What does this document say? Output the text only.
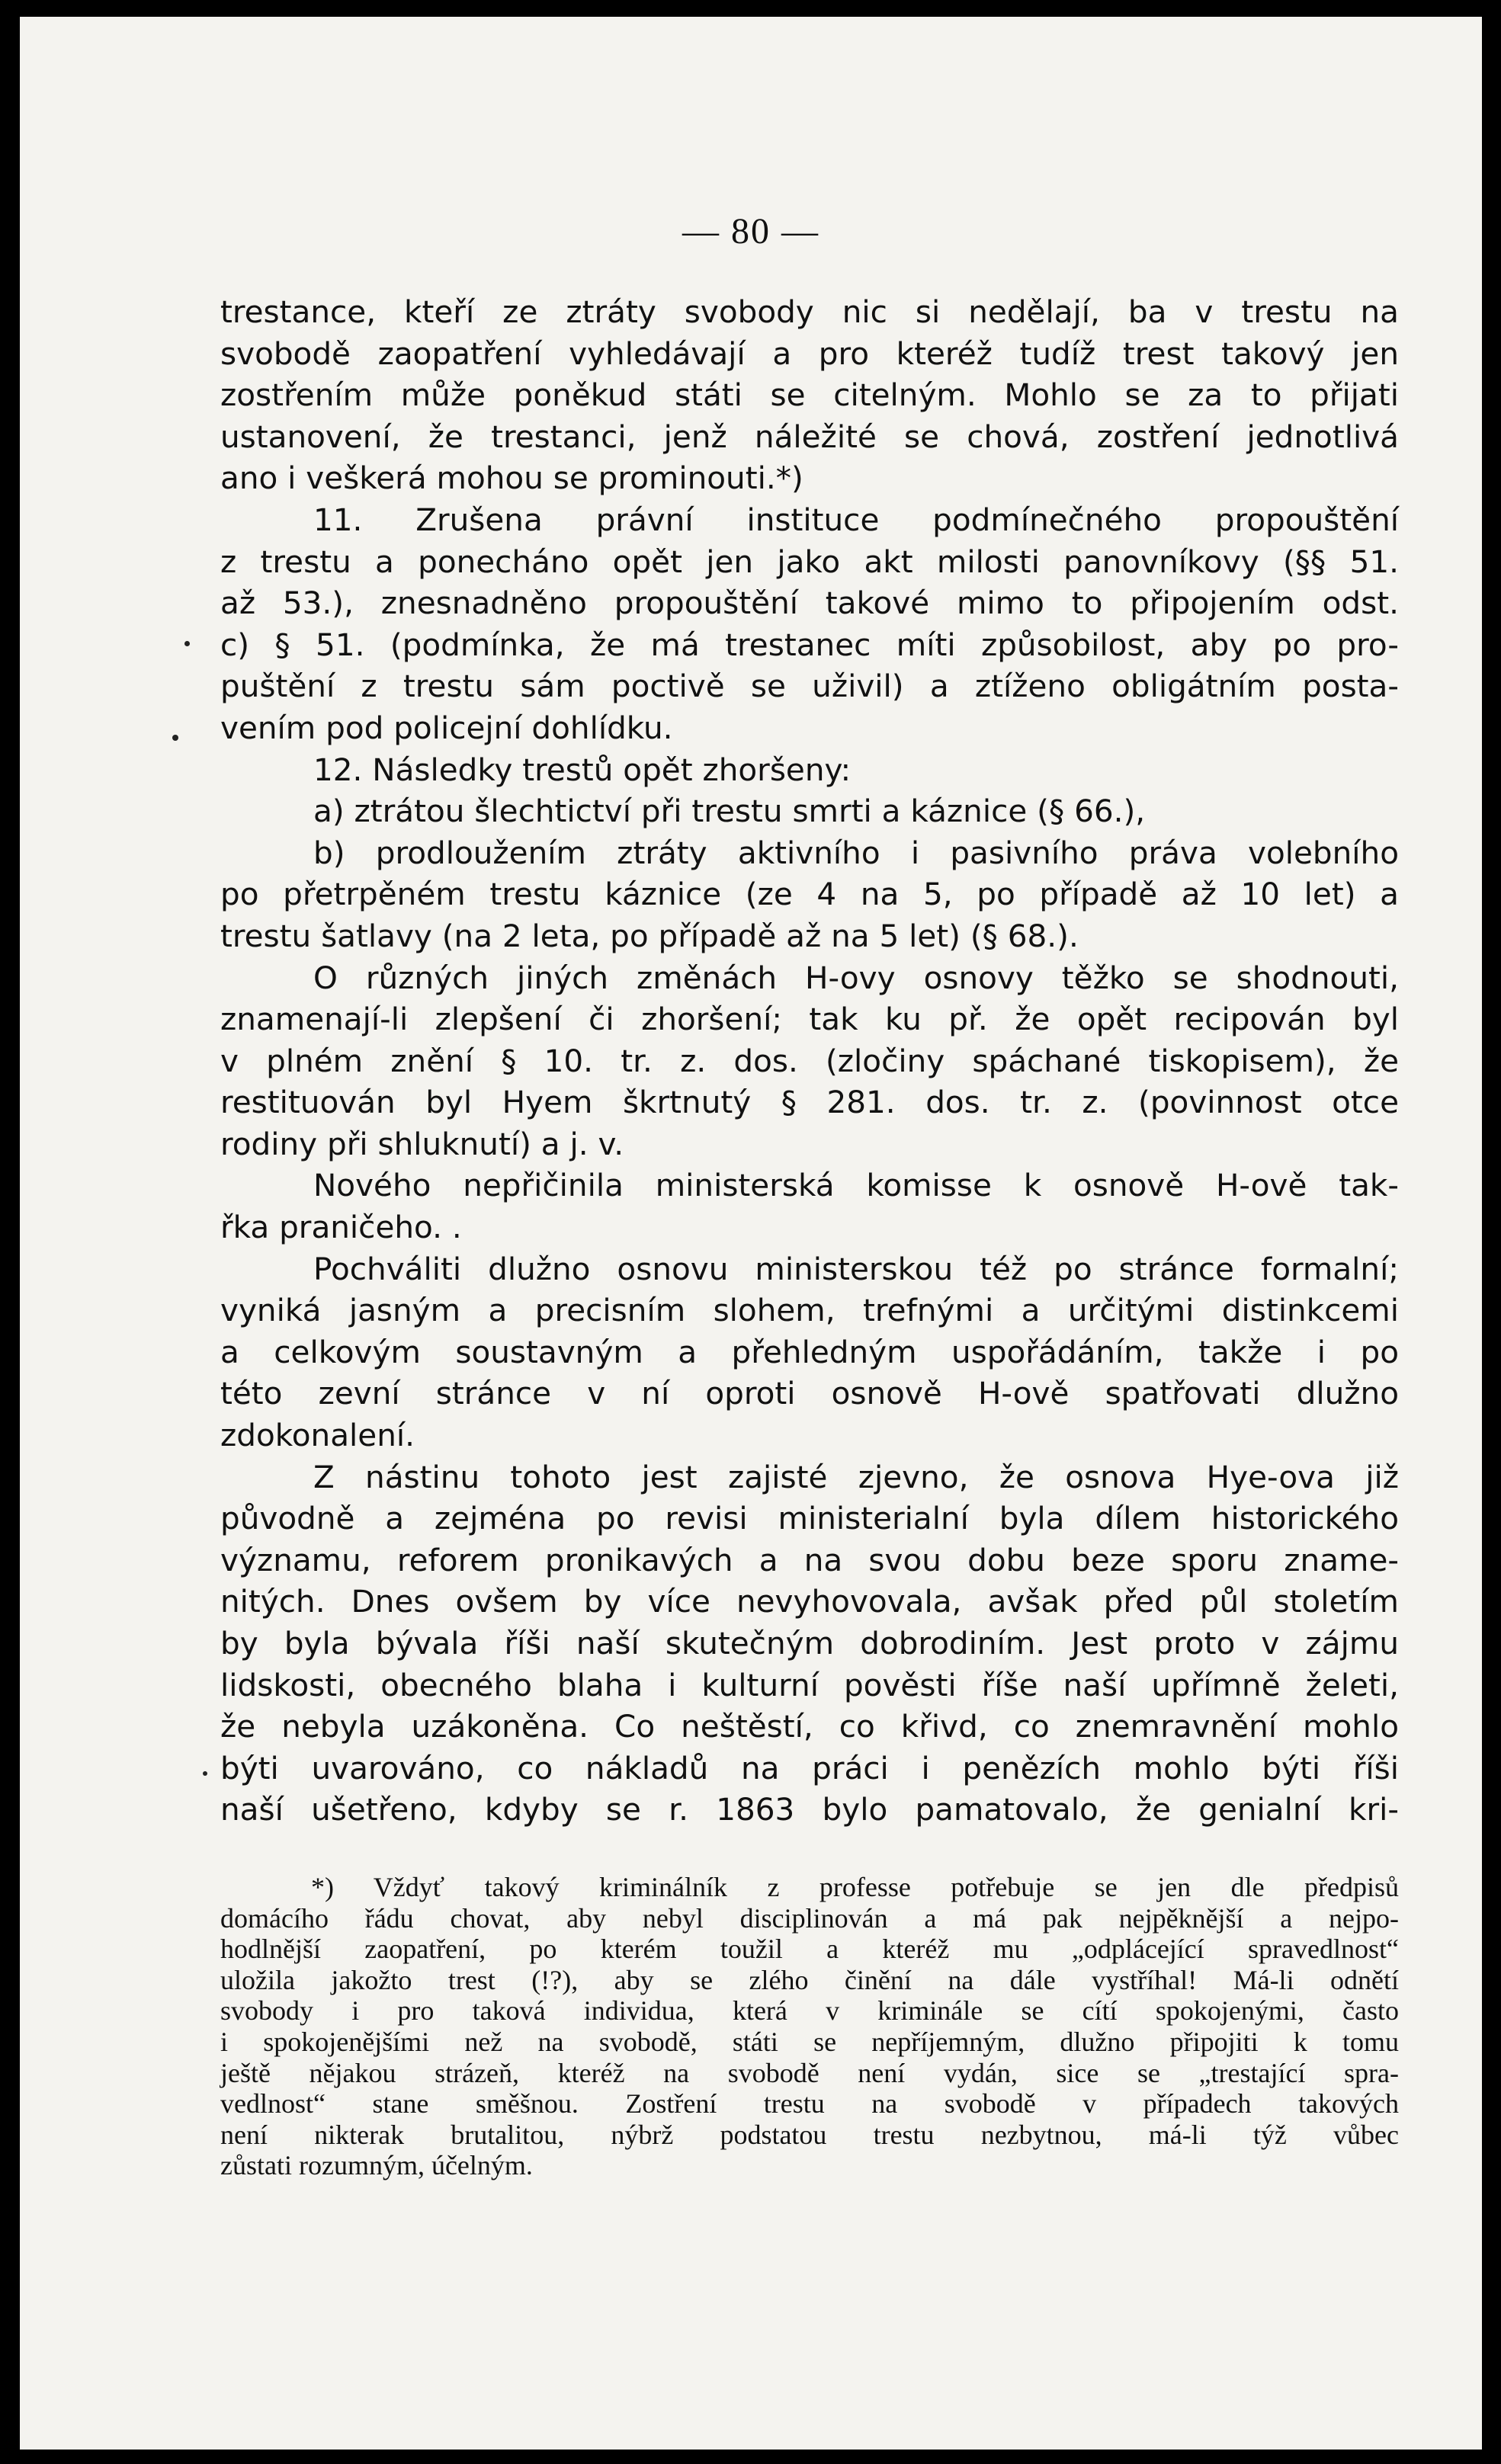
— 80 —
trestance, kteří ze ztráty svobody nic si nedělají, ba v trestu na
svobodě zaopatření vyhledávají a pro kteréž tudíž trest takový jen
zostřením může poněkud státi se citelným. Mohlo se za to přijati
ustanovení, že trestanci, jenž náležité se chová, zostření jednotlivá
ano i veškerá mohou se prominouti.*)
11. Zrušena právní instituce podmínečného propouštění
z trestu a ponecháno opět jen jako akt milosti panovníkovy (§§ 51.
až 53.), znesnadněno propouštění takové mimo to připojením odst.
c) § 51. (podmínka, že má trestanec míti způsobilost, aby po pro-
puštění z trestu sám poctivě se uživil) a ztíženo obligátním posta-
vením pod policejní dohlídku.
12. Následky trestů opět zhoršeny:
a) ztrátou šlechtictví při trestu smrti a káznice (§ 66.),
b) prodloužením ztráty aktivního i pasivního práva volebního
po přetrpěném trestu káznice (ze 4 na 5, po případě až 10 let) a
trestu šatlavy (na 2 leta, po případě až na 5 let) (§ 68.).
O různých jiných změnách H-ovy osnovy těžko se shodnouti,
znamenají-li zlepšení či zhoršení; tak ku př. že opět recipován byl
v plném znění § 10. tr. z. dos. (zločiny spáchané tiskopisem), že
restituován byl Hyem škrtnutý § 281. dos. tr. z. (povinnost otce
rodiny při shluknutí) a j. v.
Nového nepřičinila ministerská komisse k osnově H-ově tak-
řka praničeho. .
Pochváliti dlužno osnovu ministerskou též po stránce formalní;
vyniká jasným a precisním slohem, trefnými a určitými distinkcemi
a celkovým soustavným a přehledným uspořádáním, takže i po
této zevní stránce v ní oproti osnově H-ově spatřovati dlužno
zdokonalení.
Z nástinu tohoto jest zajisté zjevno, že osnova Hye-ova již
původně a zejména po revisi ministerialní byla dílem historického
významu, reforem pronikavých a na svou dobu beze sporu zname-
nitých. Dnes ovšem by více nevyhovovala, avšak před půl stoletím
by byla bývala říši naší skutečným dobrodiním. Jest proto v zájmu
lidskosti, obecného blaha i kulturní pověsti říše naší upřímně želeti,
že nebyla uzákoněna. Co neštěstí, co křivd, co znemravnění mohlo
býti uvarováno, co nákladů na práci i penězích mohlo býti říši
naší ušetřeno, kdyby se r. 1863 bylo pamatovalo, že genialní kri-
*) Vždyť takový kriminálník z professe potřebuje se jen dle předpisů
domácího řádu chovat, aby nebyl disciplinován a má pak nejpěknější a nejpo-
hodlnější zaopatření, po kterém toužil a kteréž mu „odplácející spravedlnost“
uložila jakožto trest (!?), aby se zlého činění na dále vystříhal! Má-li odnětí
svobody i pro taková individua, která v kriminále se cítí spokojenými, často
i spokojenějšími než na svobodě, státi se nepříjemným, dlužno připojiti k tomu
ještě nějakou strázeň, kteréž na svobodě není vydán, sice se „trestající spra-
vedlnost“ stane směšnou. Zostření trestu na svobodě v případech takových
není nikterak brutalitou, nýbrž podstatou trestu nezbytnou, má-li týž vůbec
zůstati rozumným, účelným.
